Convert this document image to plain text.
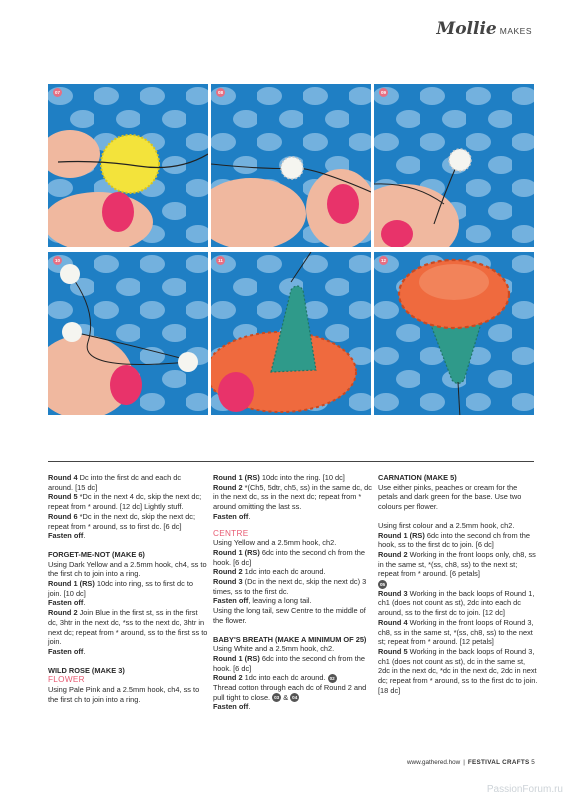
Mollie MAKES
07	08	09
10	11	12

Round 4 Dc into the first dc and each dc around. [15 dc]

Round 5 *Dc in the next 4 dc, skip the next dc; repeat from * around. [12 dc] Lightly stuff.

Round 6 *Dc in the next dc, skip the next dc; repeat from * around, ss to first dc. [6 dc]

Fasten off.

FORGET-ME-NOT (MAKE 6)

Using Dark Yellow and a 2.5mm hook, ch4, ss to the first ch to join into a ring.

Round 1 (RS) 10dc into ring, ss to first dc to join. [10 dc]

Fasten off.

Round 2 Join Blue in the first st, ss in the first dc, 3htr in the next dc, *ss to the next dc, 3htr in next dc; repeat from * around, ss to the first ss to join.

Fasten off.

WILD ROSE (MAKE 3)

FLOWER

Using Pale Pink and a 2.5mm hook, ch4, ss to the first ch to join into a ring.

Round 1 (RS) 10dc into the ring. [10 dc]

Round 2 *(Ch5, 5dtr, ch5, ss) in the same dc, dc in the next dc, ss in the next dc; repeat from * around omitting the last ss.

Fasten off.

CENTRE

Using Yellow and a 2.5mm hook, ch2.

Round 1 (RS) 6dc into the second ch from the hook. [6 dc]

Round 2 1dc into each dc around.

Round 3 (Dc in the next dc, skip the next dc) 3 times, ss to the first dc.

Fasten off, leaving a long tail.

Using the long tail, sew Centre to the middle of the flower.

BABY'S BREATH (MAKE A MINIMUM OF 25)

Using White and a 2.5mm hook, ch2.

Round 1 (RS) 6dc into the second ch from the hook. [6 dc]

Round 2 1dc into each dc around. 02

Thread cotton through each dc of Round 2 and pull tight to close. 03 & 04

Fasten off.

CARNATION (MAKE 5)

Use either pinks, peaches or cream for the petals and dark green for the base. Use two colours per flower.

Using first colour and a 2.5mm hook, ch2.

Round 1 (RS) 6dc into the second ch from the hook, ss to the first dc to join. [6 dc]

Round 2 Working in the front loops only, ch8, ss in the same st, *(ss, ch8, ss) to the next st; repeat from * around. [6 petals]

05

Round 3 Working in the back loops of Round 1, ch1 (does not count as st), 2dc into each dc around, ss to the first dc to join. [12 dc]

Round 4 Working in the front loops of Round 3, ch8, ss in the same st, *(ss, ch8, ss) to the next st; repeat from * around. [12 petals]

Round 5 Working in the back loops of Round 3, ch1 (does not count as st), dc in the same st, 2dc in the next dc, *dc in the next dc, 2dc in next dc; repeat from * around, ss to the first dc to join. [18 dc]

www.gathered.how | FESTIVAL CRAFTS 5
PassionForum.ru
